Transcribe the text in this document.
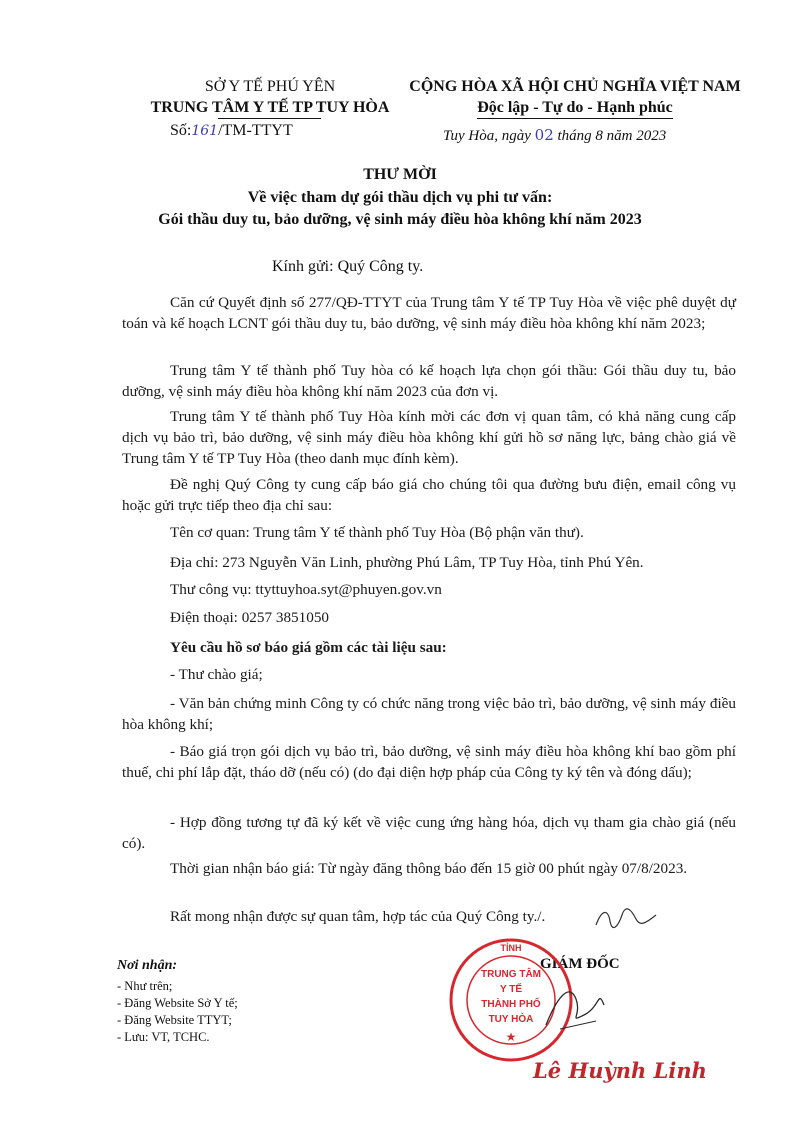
SỞ Y TẾ PHÚ YÊN
TRUNG TÂM Y TẾ TP TUY HÒA
Số:161/TM-TTYT
CỘNG HÒA XÃ HỘI CHỦ NGHĨA VIỆT NAM
Độc lập - Tự do - Hạnh phúc
Tuy Hòa, ngày 02 tháng 8 năm 2023
THƯ MỜI
Về việc tham dự gói thầu dịch vụ phi tư vấn:
Gói thầu duy tu, bảo dưỡng, vệ sinh máy điều hòa không khí năm 2023
Kính gửi: Quý Công ty.
Căn cứ Quyết định số 277/QĐ-TTYT của Trung tâm Y tế TP Tuy Hòa về việc phê duyệt dự toán và kế hoạch LCNT gói thầu duy tu, bảo dưỡng, vệ sinh máy điều hòa không khí năm 2023;
Trung tâm Y tế thành phố Tuy hòa có kế hoạch lựa chọn gói thầu: Gói thầu duy tu, bảo dưỡng, vệ sinh máy điều hòa không khí năm 2023 của đơn vị.
Trung tâm Y tế thành phố Tuy Hòa kính mời các đơn vị quan tâm, có khả năng cung cấp dịch vụ bảo trì, bảo dưỡng, vệ sinh máy điều hòa không khí gửi hồ sơ năng lực, bảng chào giá về Trung tâm Y tế TP Tuy Hòa (theo danh mục đính kèm).
Đề nghị Quý Công ty cung cấp báo giá cho chúng tôi qua đường bưu điện, email công vụ hoặc gửi trực tiếp theo địa chỉ sau:
Tên cơ quan: Trung tâm Y tế thành phố Tuy Hòa (Bộ phận văn thư).
Địa chỉ: 273 Nguyễn Văn Linh, phường Phú Lâm, TP Tuy Hòa, tỉnh Phú Yên.
Thư công vụ: ttyttuyhoa.syt@phuyen.gov.vn
Điện thoại: 0257 3851050
Yêu cầu hồ sơ báo giá gồm các tài liệu sau:
- Thư chào giá;
- Văn bản chứng minh Công ty có chức năng trong việc bảo trì, bảo dưỡng, vệ sinh máy điều hòa không khí;
- Báo giá trọn gói dịch vụ bảo trì, bảo dưỡng, vệ sinh máy điều hòa không khí bao gồm phí thuế, chi phí lắp đặt, tháo dỡ (nếu có) (do đại diện hợp pháp của Công ty ký tên và đóng dấu);
- Hợp đồng tương tự đã ký kết về việc cung ứng hàng hóa, dịch vụ tham gia chào giá (nếu có).
Thời gian nhận báo giá: Từ ngày đăng thông báo đến 15 giờ 00 phút ngày 07/8/2023.
Rất mong nhận được sự quan tâm, hợp tác của Quý Công ty./.
Nơi nhận:
- Như trên;
- Đăng Website Sở Y tế;
- Đăng Website TTYT;
- Lưu: VT, TCHC.
GIÁM ĐỐC
TỈNH
TRUNG TÂM
Y TẾ
THÀNH PHỐ
TUY HÒA
★
Lê Huỳnh Linh
